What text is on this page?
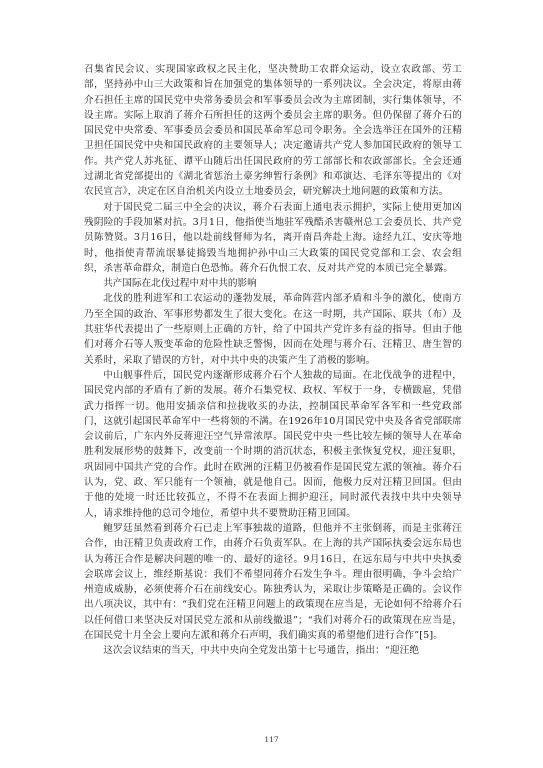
召集省民会议、实现国家政权之民主化，坚决赞助工农群众运动，设立农政部、劳工部，坚持孙中山三大政策和旨在加强党的集体领导的一系列决议。全会决定，将原由蒋介石担任主席的国民党中央常务委员会和军事委员会改为主席团制，实行集体领导，不设主席。实际上取消了蒋介石所担任的这两个委员会主席的职务。但仍保留了蒋介石的国民党中央常委、军事委员会委员和国民革命军总司令职务。全会选举汪在国外的汪精卫担任国民党中央和国民政府的主要领导人；决定邀请共产党人参加国民政府的领导工作。共产党人苏兆征、谭平山随后出任国民政府的劳工部部长和农政部部长。全会还通过湖北省党部提出的《湖北省惩治土豪劣绅暂行条例》和邓演达、毛泽东等提出的《对农民宣言》，决定在区自治机关内设立土地委员会，研究解决土地问题的政策和方法。

对于国民党二届三中全会的决议，蒋介石表面上通电表示拥护，实际上使用更加凶残阴险的手段加紧对抗。3月1日，他指使当地驻军残酷杀害赣州总工会委员长、共产党员陈赞贤。3月16日，他以赴前线督师为名，离开南昌奔赴上海。途经九江、安庆等地时，他指使青帮流氓暴徒捣毁当地拥护孙中山三大政策的国民党党部和工会、农会组织，杀害革命群众，制造白色恐怖。蒋介石仇恨工农、反对共产党的本质已完全暴露。

共产国际在北伐过程中对中共的影响

北伐的胜利进军和工农运动的蓬勃发展，革命阵营内部矛盾和斗争的激化，使南方乃至全国的政治、军事形势都发生了很大变化。在这一时期，共产国际、联共（布）及其驻华代表提出了一些原则上正确的方针，给了中国共产党许多有益的指导。但由于他们对蒋介石等人叛变革命的危险性缺乏警惕，因而在处理与蒋介石、汪精卫、唐生智的关系时，采取了错误的方针，对中共中央的决策产生了消极的影响。

中山舰事件后，国民党内逐渐形成蒋介石个人独裁的局面。在北伐战争的进程中，国民党内部的矛盾有了新的发展。蒋介石集党权、政权、军权于一身，专横跋扈，凭借武力指挥一切。他用安插亲信和拉拢收买的办法，控制国民革命军各军和一些党政部门，这就引起国民革命军中一些将领的不满。在1926年10月国民党中央及各省党部联席会议前后，广东内外反蒋迎汪空气异常浓厚。国民党中央一些比较左倾的领导人在革命胜利发展形势的鼓舞下，改变前一个时期的消沉状态，积极主张恢复党权，迎汪复职，巩固同中国共产党的合作。此时在欧洲的汪精卫仍被看作是国民党左派的领袖。蒋介石认为，党、政、军只能有一个领袖，就是他自己。因而，他极力反对汪精卫回国。但由于他的处境一时还比较孤立，不得不在表面上拥护迎汪，同时派代表找中共中央领导人，请求维持他的总司令地位，希望中共不要赞助汪精卫回国。

鲍罗廷虽然看到蒋介石已走上军事独裁的道路，但他并不主张倒蒋，而是主张蒋汪合作，由汪精卫负责政府工作，由蒋介石负责军队。在上海的共产国际执委会远东局也认为蒋汪合作是解决问题的唯一的、最好的途径。9月16日，在远东局与中共中央执委会联席会议上，维经斯基说：我们不希望同蒋介石发生争斗。理由很明确，争斗会给广州造成威胁，必须使蒋介石在前线安心。陈独秀认为，采取让步策略是正确的。会议作出八项决议，其中有：“我们党在汪精卫问题上的政策现在应当是，无论如何不给蒋介石以任何借口来坚决反对国民党左派和从前线撤退”；“我们对蒋介石的政策现在应当是，在国民党十月全会上要向左派和蒋介石声明，我们确实真的希望他们进行合作”[5]。

这次会议结束的当天，中共中央向全党发出第十七号通告，指出：“迎汪绝

117
